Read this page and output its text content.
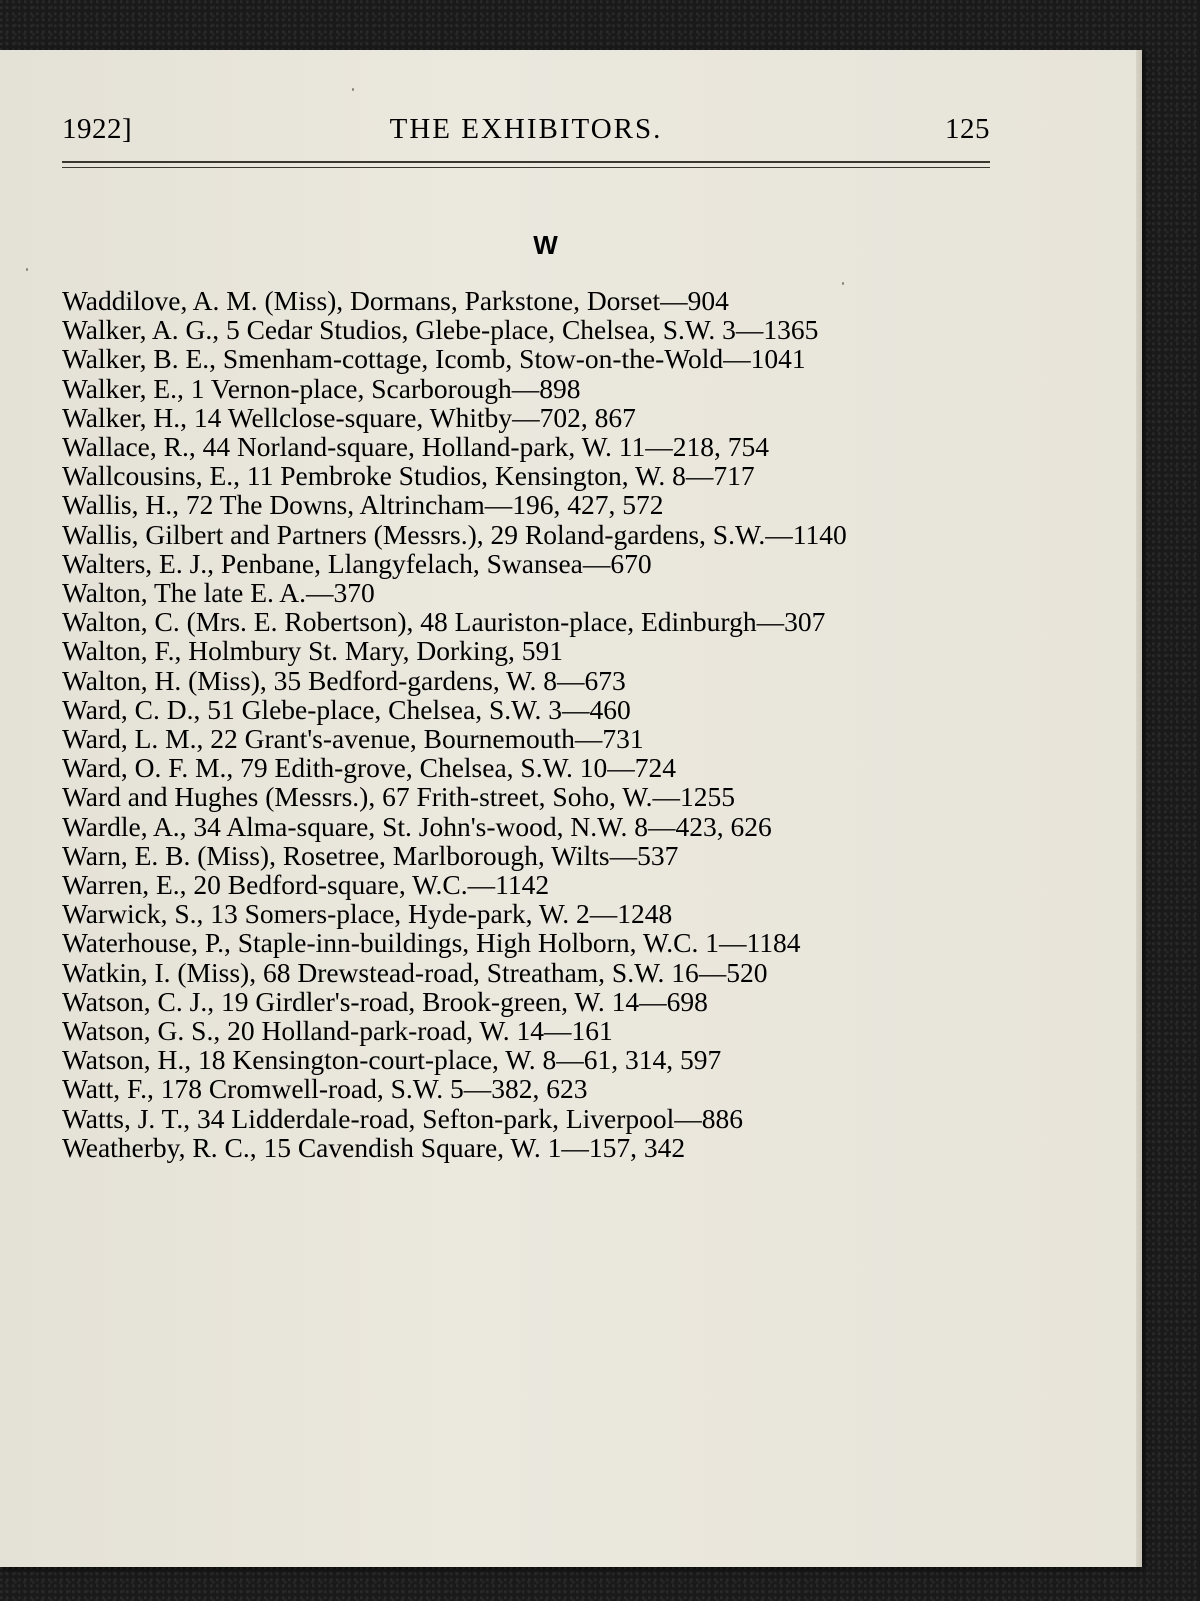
1922]	THE EXHIBITORS.	125
W

Waddilove, A. M. (Miss), Dormans, Parkstone, Dorset—904

Walker, A. G., 5 Cedar Studios, Glebe-place, Chelsea, S.W. 3—1365

Walker, B. E., Smenham-cottage, Icomb, Stow-on-the-Wold—1041

Walker, E., 1 Vernon-place, Scarborough—898

Walker, H., 14 Wellclose-square, Whitby—702, 867

Wallace, R., 44 Norland-square, Holland-park, W. 11—218, 754

Wallcousins, E., 11 Pembroke Studios, Kensington, W. 8—717

Wallis, H., 72 The Downs, Altrincham—196, 427, 572

Wallis, Gilbert and Partners (Messrs.), 29 Roland-gardens, S.W.—1140

Walters, E. J., Penbane, Llangyfelach, Swansea—670

Walton, The late E. A.—370

Walton, C. (Mrs. E. Robertson), 48 Lauriston-place, Edinburgh—307

Walton, F., Holmbury St. Mary, Dorking, 591

Walton, H. (Miss), 35 Bedford-gardens, W. 8—673

Ward, C. D., 51 Glebe-place, Chelsea, S.W. 3—460

Ward, L. M., 22 Grant's-avenue, Bournemouth—731

Ward, O. F. M., 79 Edith-grove, Chelsea, S.W. 10—724

Ward and Hughes (Messrs.), 67 Frith-street, Soho, W.—1255

Wardle, A., 34 Alma-square, St. John's-wood, N.W. 8—423, 626

Warn, E. B. (Miss), Rosetree, Marlborough, Wilts—537

Warren, E., 20 Bedford-square, W.C.—1142

Warwick, S., 13 Somers-place, Hyde-park, W. 2—1248

Waterhouse, P., Staple-inn-buildings, High Holborn, W.C. 1—1184

Watkin, I. (Miss), 68 Drewstead-road, Streatham, S.W. 16—520

Watson, C. J., 19 Girdler's-road, Brook-green, W. 14—698

Watson, G. S., 20 Holland-park-road, W. 14—161

Watson, H., 18 Kensington-court-place, W. 8—61, 314, 597

Watt, F., 178 Cromwell-road, S.W. 5—382, 623

Watts, J. T., 34 Lidderdale-road, Sefton-park, Liverpool—886

Weatherby, R. C., 15 Cavendish Square, W. 1—157, 342
